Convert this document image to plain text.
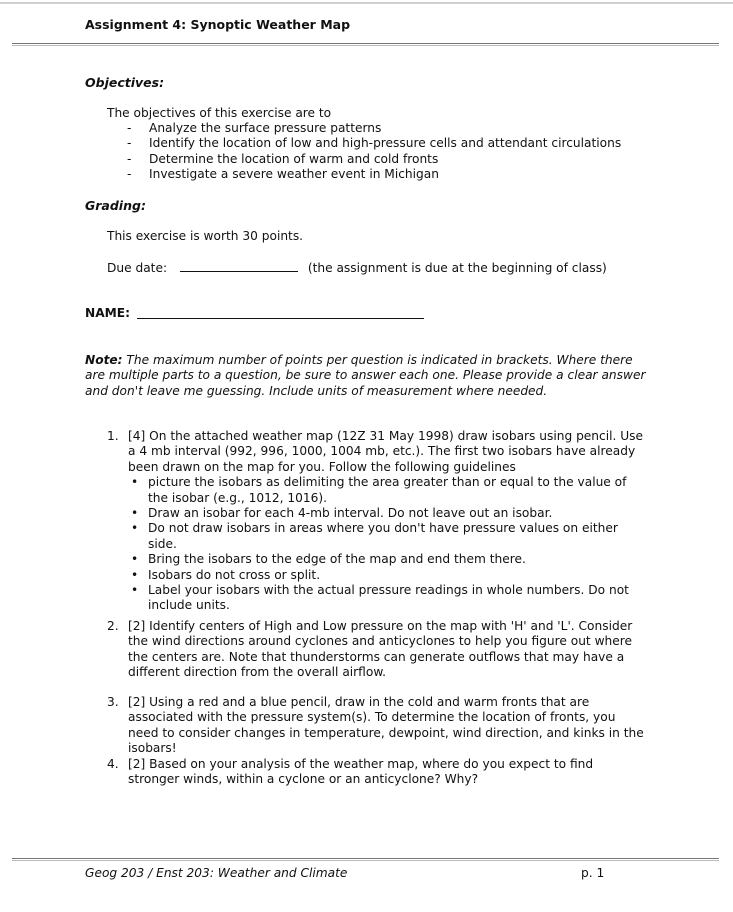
Assignment 4: Synoptic Weather Map
Objectives:
The objectives of this exercise are to
- Analyze the surface pressure patterns
- Identify the location of low and high-pressure cells and attendant circulations
- Determine the location of warm and cold fronts
- Investigate a severe weather event in Michigan
Grading:
This exercise is worth 30 points.
Due date:	(the assignment is due at the beginning of class)
NAME:
Note: The maximum number of points per question is indicated in brackets. Where there are multiple parts to a question, be sure to answer each one. Please provide a clear answer and don't leave me guessing. Include units of measurement where needed.
1. [4] On the attached weather map (12Z 31 May 1998) draw isobars using pencil. Use a 4 mb interval (992, 996, 1000, 1004 mb, etc.). The first two isobars have already been drawn on the map for you. Follow the following guidelines
• picture the isobars as delimiting the area greater than or equal to the value of the isobar (e.g., 1012, 1016).
• Draw an isobar for each 4-mb interval. Do not leave out an isobar.
• Do not draw isobars in areas where you don't have pressure values on either side.
• Bring the isobars to the edge of the map and end them there.
• Isobars do not cross or split.
• Label your isobars with the actual pressure readings in whole numbers. Do not include units.
2. [2] Identify centers of High and Low pressure on the map with 'H' and 'L'. Consider the wind directions around cyclones and anticyclones to help you figure out where the centers are. Note that thunderstorms can generate outflows that may have a different direction from the overall airflow.
3. [2] Using a red and a blue pencil, draw in the cold and warm fronts that are associated with the pressure system(s). To determine the location of fronts, you need to consider changes in temperature, dewpoint, wind direction, and kinks in the isobars!
4. [2] Based on your analysis of the weather map, where do you expect to find stronger winds, within a cyclone or an anticyclone? Why?
Geog 203 / Enst 203: Weather and Climate	p. 1
